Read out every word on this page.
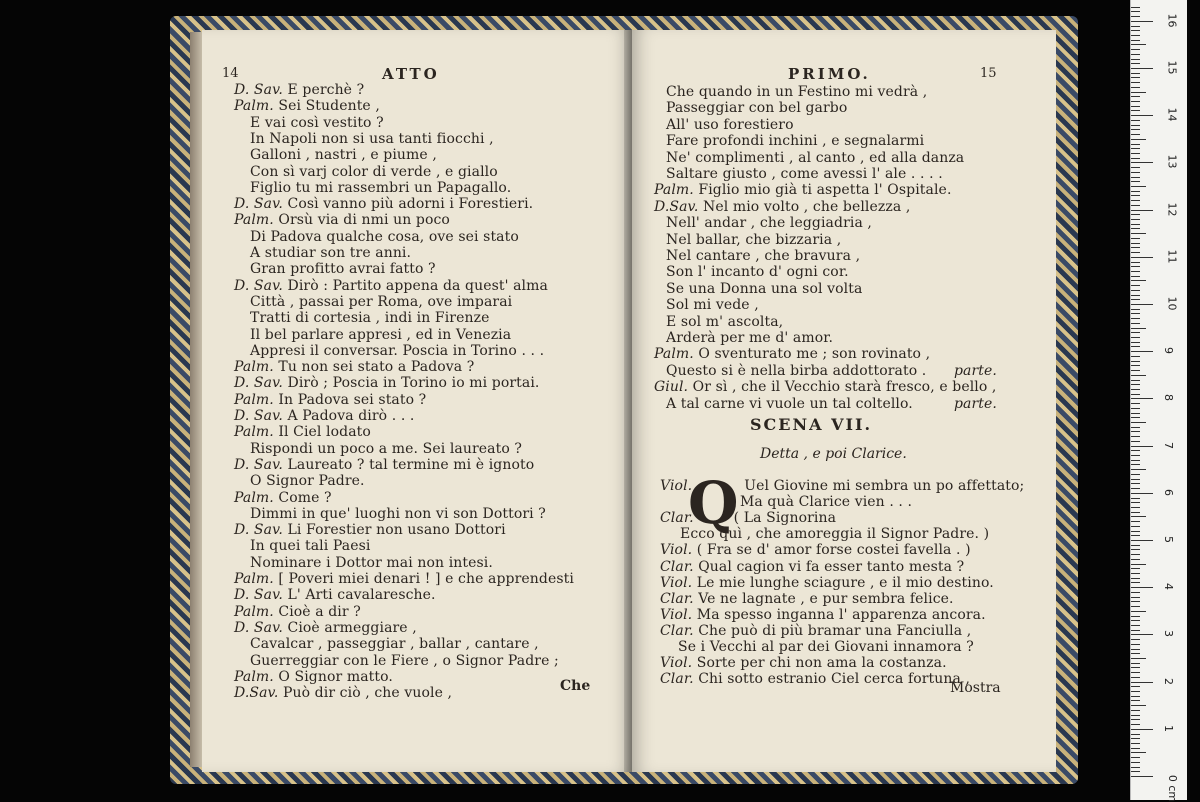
14	ATTO
D. Sav. E perchè ?
Palm. Sei Studente ,
E vai così vestito ?
In Napoli non si usa tanti fiocchi ,
Galloni , nastri , e piume ,
Con sì varj color di verde , e giallo
Figlio tu mi rassembri un Papagallo.
D. Sav. Così vanno più adorni i Forestieri.
Palm. Orsù via di nmi un poco
Di Padova qualche cosa, ove sei stato
A studiar son tre anni.
Gran profitto avrai fatto ?
D. Sav. Dirò : Partito appena da quest' alma
Città , passai per Roma, ove imparai
Tratti di cortesia , indi in Firenze
Il bel parlare appresi , ed in Venezia
Appresi il conversar. Poscia in Torino . . .
Palm. Tu non sei stato a Padova ?
D. Sav. Dirò ; Poscia in Torino io mi portai.
Palm. In Padova sei stato ?
D. Sav. A Padova dirò . . .
Palm. Il Ciel lodato
Rispondi un poco a me. Sei laureato ?
D. Sav. Laureato ? tal termine mi è ignoto
O Signor Padre.
Palm. Come ?
Dimmi in que' luoghi non vi son Dottori ?
D. Sav. Li Forestier non usano Dottori
In quei tali Paesi
Nominare i Dottor mai non intesi.
Palm. [ Poveri miei denari ! ] e che apprendesti
D. Sav. L' Arti cavalaresche.
Palm. Cioè a dir ?
D. Sav. Cioè armeggiare ,
Cavalcar , passeggiar , ballar , cantare ,
Guerreggiar con le Fiere , o Signor Padre ;
Palm. O Signor matto.
D.Sav. Può dir ciò , che vuole ,	Che
PRIMO.	15
Che quando in un Festino mi vedrà ,
Passeggiar con bel garbo
All' uso forestiero
Fare profondi inchini , e segnalarmi
Ne' complimenti , al canto , ed alla danza
Saltare giusto , come avessi l' ale . . . .
Palm. Figlio mio già ti aspetta l' Ospitale.
D.Sav. Nel mio volto , che bellezza ,
Nell' andar , che leggiadria ,
Nel ballar, che bizzaria ,
Nel cantare , che bravura ,
Son l' incanto d' ogni cor.
Se una Donna una sol volta
Sol mi vede ,
E sol m' ascolta,
Arderà per me d' amor.
Palm. O sventurato me ; son rovinato ,
Questo si è nella birba addottorato . parte.
Giul. Or sì , che il Vecchio starà fresco, e bello ,
A tal carne vi vuole un tal coltello.	parte.
SCENA VII.
Detta , e poi Clarice.
Q
Viol.	Uel Giovine mi sembra un po affettato;
Ma quà Clarice vien . . .
Clar.	( La Signorina
Ecco quì , che amoreggia il Signor Padre. )
Viol. ( Fra se d' amor forse costei favella . )
Clar. Qual cagion vi fa esser tanto mesta ?
Viol. Le mie lunghe sciagure , e il mio destino.
Clar. Ve ne lagnate , e pur sembra felice.
Viol. Ma spesso inganna l' apparenza ancora.
Clar. Che può di più bramar una Fanciulla ,
Se i Vecchi al par dei Giovani innamora ?
Viol. Sorte per chi non ama la costanza.
Clar. Chi sotto estranio Ciel cerca fortuna ,
Mostra
1
2
3
4
5
6
7
8
9
10
11
12
13
14
15
16
0 cm
